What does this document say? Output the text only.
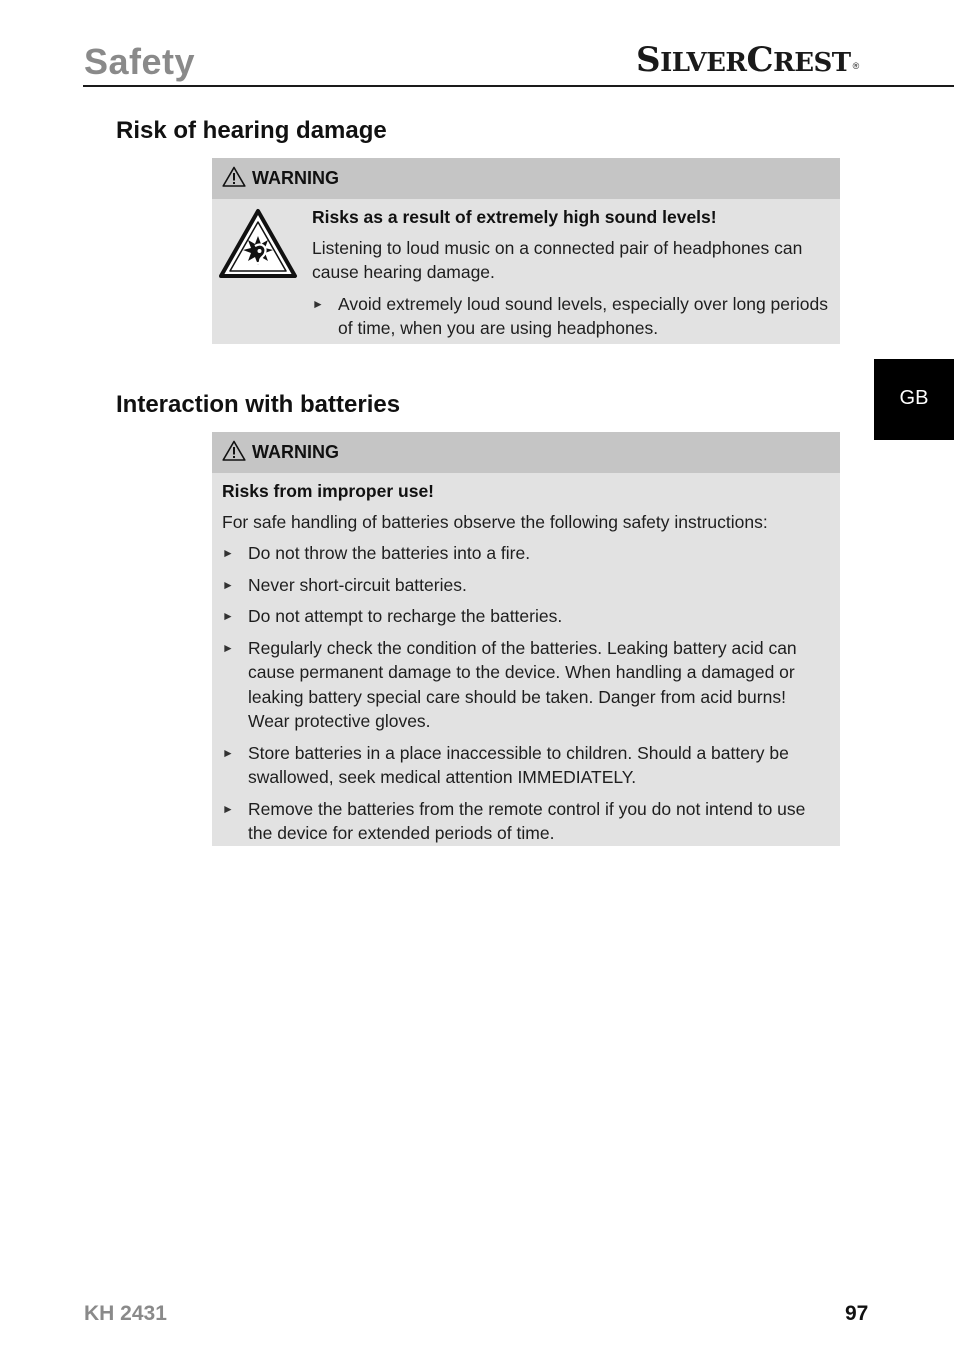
Safety	SILVERCREST ®
GB
Risk of hearing damage
WARNING
Risks as a result of extremely high sound levels!
Listening to loud music on a connected pair of headphones can cause hearing damage.
► Avoid extremely loud sound levels, especially over long periods of time, when you are using headphones.
Interaction with batteries
WARNING
Risks from improper use!
For safe handling of batteries observe the following safety instructions:
► Do not throw the batteries into a fire.
► Never short-circuit batteries.
► Do not attempt to recharge the batteries.
► Regularly check the condition of the batteries. Leaking battery acid can cause permanent damage to the device. When handling a damaged or leaking battery special care should be taken. Danger from acid burns! Wear protective gloves.
► Store batteries in a place inaccessible to children. Should a battery be swallowed, seek medical attention IMMEDIATELY.
► Remove the batteries from the remote control if you do not intend to use the device for extended periods of time.
KH 2431	97
